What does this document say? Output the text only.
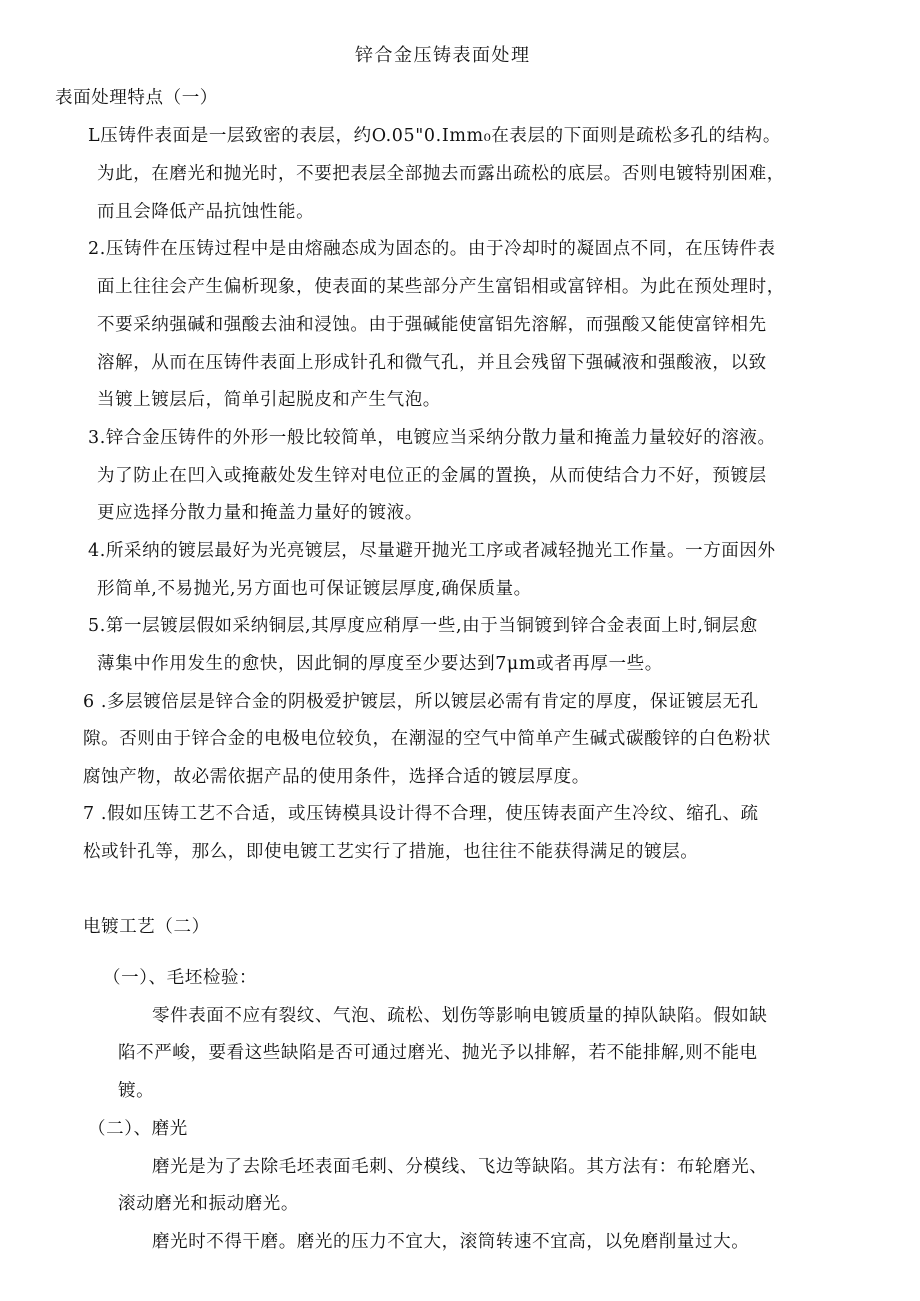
锌合金压铸表面处理
表面处理特点（一）
L压铸件表面是一层致密的表层，约O.05"0.Imm₀在表层的下面则是疏松多孔的结构。
为此，在磨光和抛光时，不要把表层全部抛去而露出疏松的底层。否则电镀特别困难，
而且会降低产品抗蚀性能。
2.压铸件在压铸过程中是由熔融态成为固态的。由于冷却时的凝固点不同，在压铸件表
面上往往会产生偏析现象，使表面的某些部分产生富铝相或富锌相。为此在预处理时，
不要采纳强碱和强酸去油和浸蚀。由于强碱能使富铝先溶解，而强酸又能使富锌相先
溶解，从而在压铸件表面上形成针孔和微气孔，并且会残留下强碱液和强酸液，以致
当镀上镀层后，简单引起脱皮和产生气泡。
3.锌合金压铸件的外形一般比较简单，电镀应当采纳分散力量和掩盖力量较好的溶液。
为了防止在凹入或掩蔽处发生锌对电位正的金属的置换，从而使结合力不好，预镀层
更应选择分散力量和掩盖力量好的镀液。
4.所采纳的镀层最好为光亮镀层，尽量避开抛光工序或者减轻抛光工作量。一方面因外
形简单,不易抛光,另方面也可保证镀层厚度,确保质量。
5.第一层镀层假如采纳铜层,其厚度应稍厚一些,由于当铜镀到锌合金表面上时,铜层愈
薄集中作用发生的愈快，因此铜的厚度至少要达到7μm或者再厚一些。
6 .多层镀倍层是锌合金的阴极爱护镀层，所以镀层必需有肯定的厚度，保证镀层无孔
隙。否则由于锌合金的电极电位较负，在潮湿的空气中简单产生碱式碳酸锌的白色粉状
腐蚀产物，故必需依据产品的使用条件，选择合适的镀层厚度。
7 .假如压铸工艺不合适，或压铸模具设计得不合理，使压铸表面产生冷纹、缩孔、疏
松或针孔等，那么，即使电镀工艺实行了措施，也往往不能获得满足的镀层。
电镀工艺（二）
（一）、毛坯检验：
零件表面不应有裂纹、气泡、疏松、划伤等影响电镀质量的掉队缺陷。假如缺
陷不严峻，要看这些缺陷是否可通过磨光、抛光予以排解，若不能排解,则不能电
镀。
（二）、磨光
磨光是为了去除毛坯表面毛刺、分模线、飞边等缺陷。其方法有：布轮磨光、
滚动磨光和振动磨光。
磨光时不得干磨。磨光的压力不宜大，滚筒转速不宜高，以免磨削量过大。
